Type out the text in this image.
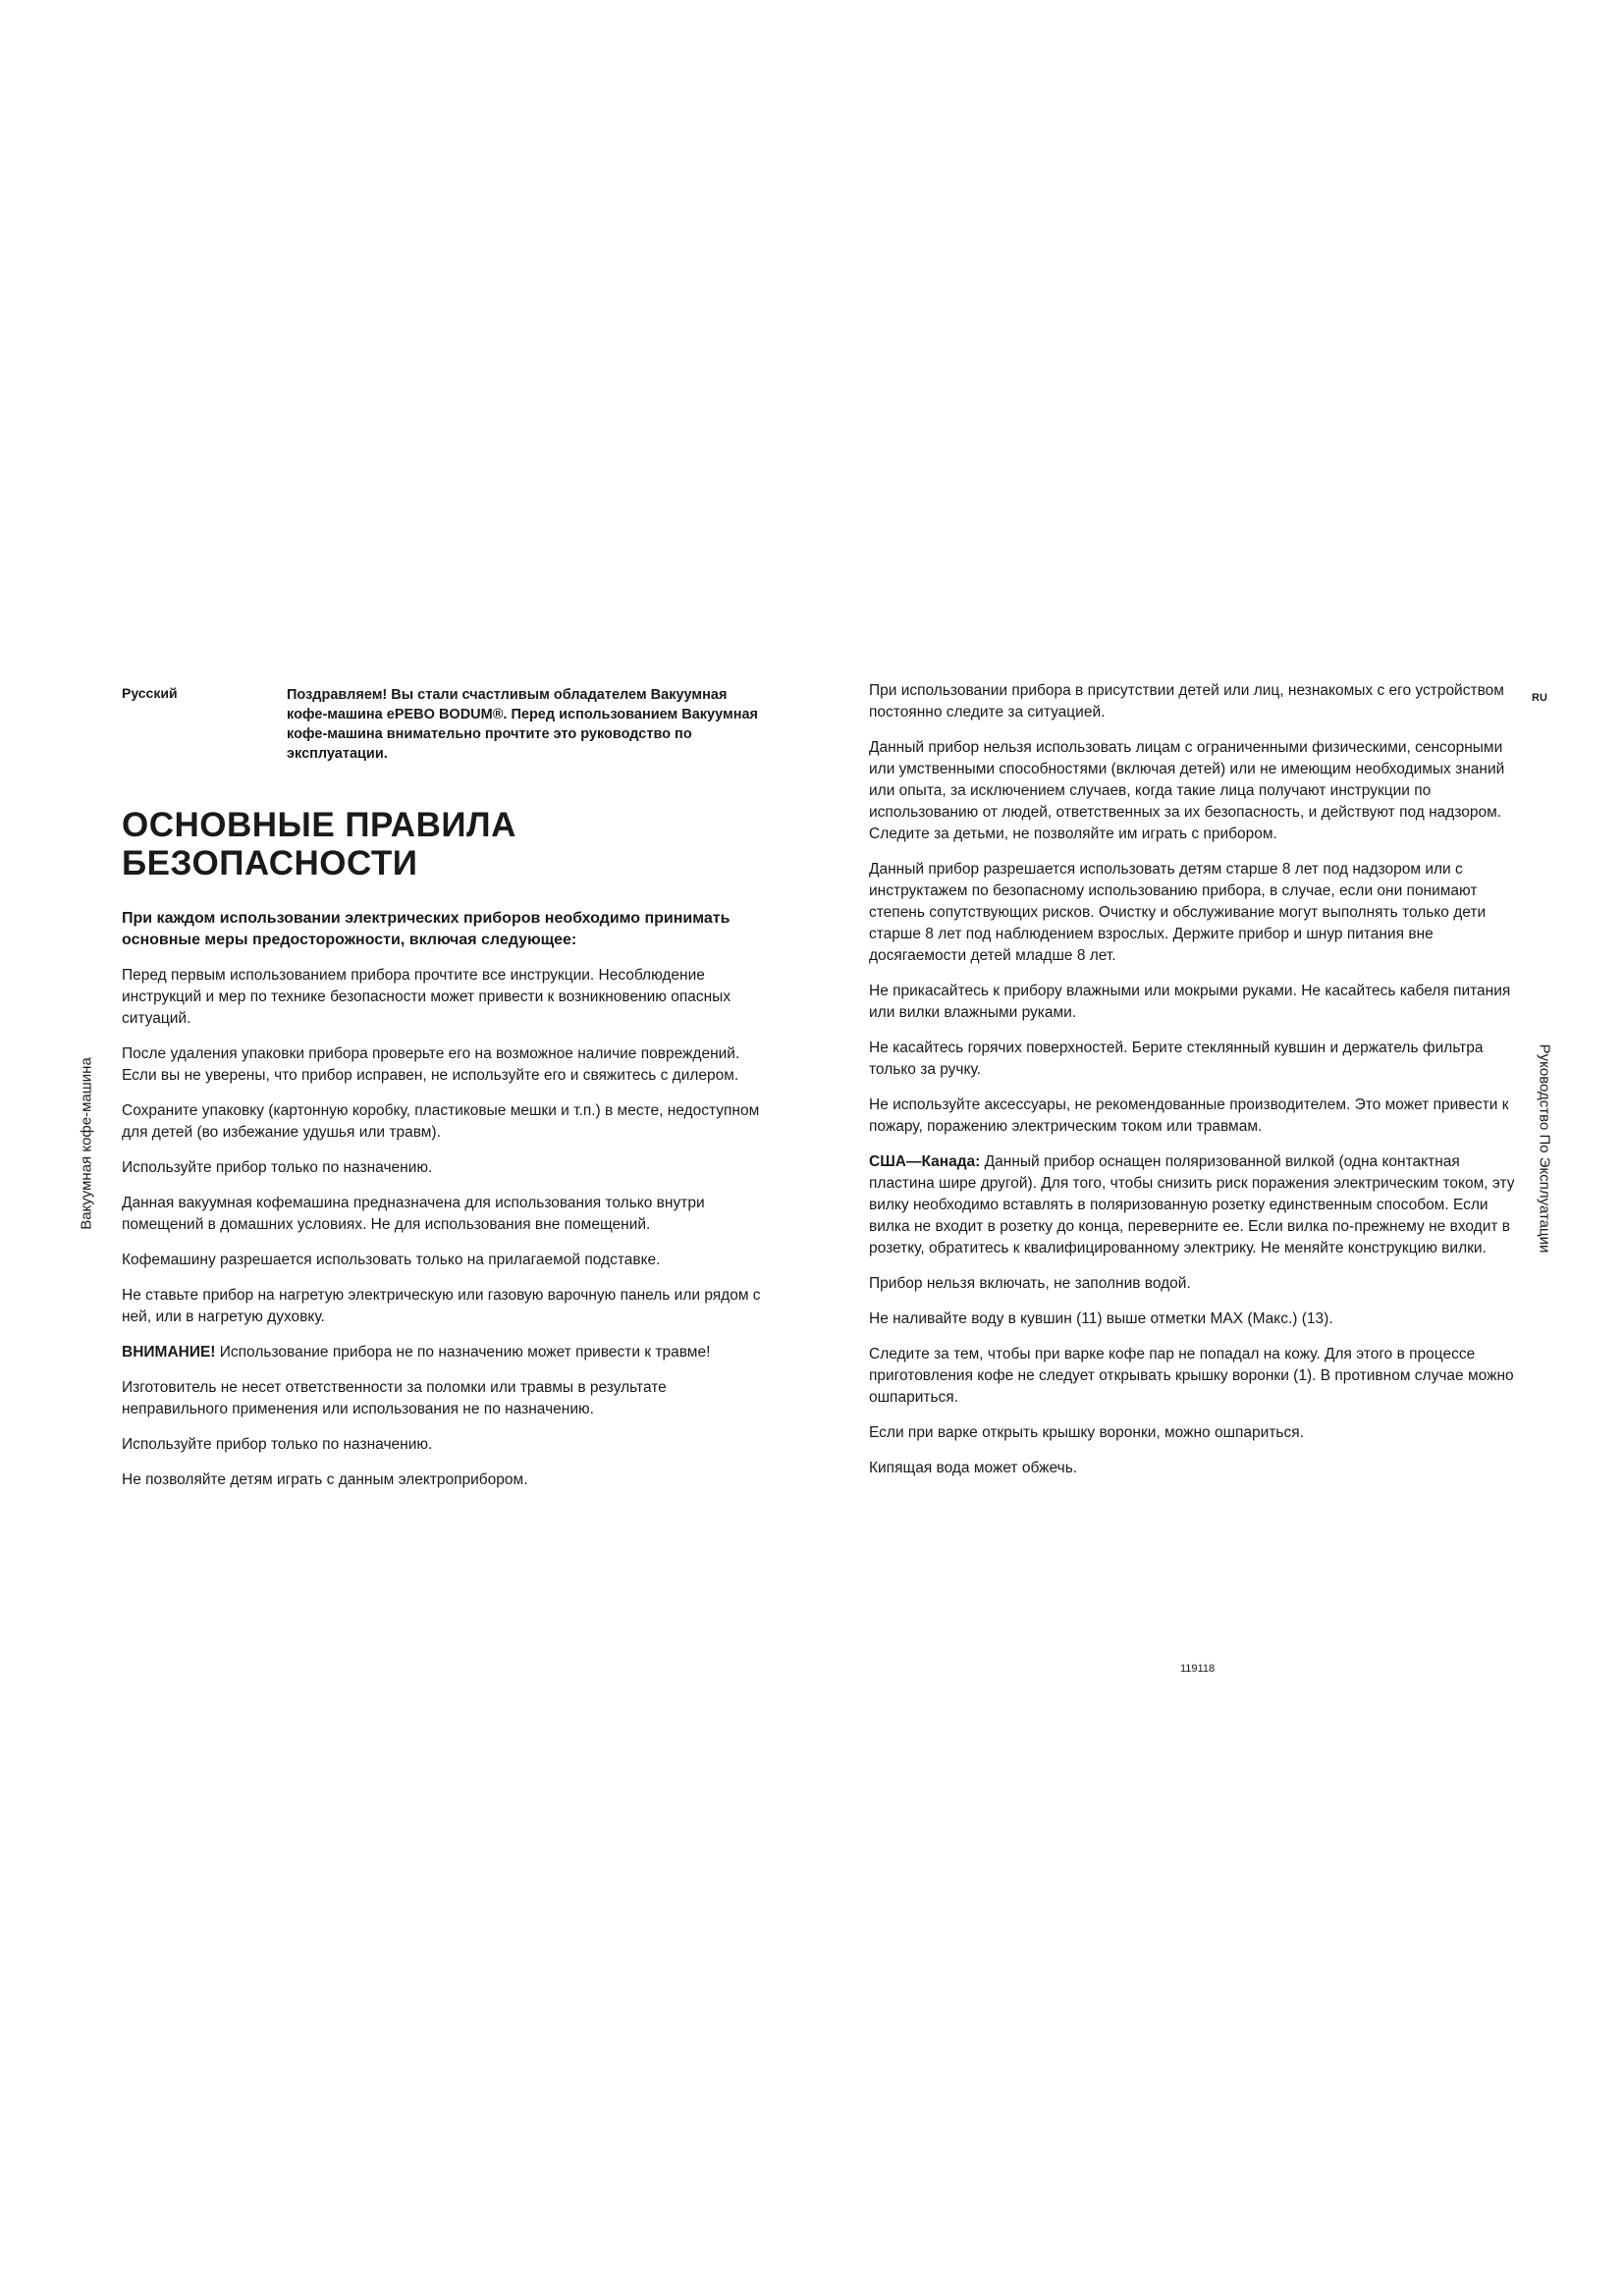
Русский	Поздравляем! Вы стали счастливым обладателем Вакуумная кофе-машина ePEBO BODUM®. Перед использованием Вакуумная кофе-машина внимательно прочтите это руководство по эксплуатации.

ОСНОВНЫЕ ПРАВИЛА БЕЗОПАСНОСТИ
Вакуумная кофе-машина	Руководство По Эксплуатации
RU

При каждом использовании электрических приборов необходимо принимать основные меры предосторожности, включая следующее:

Перед первым использованием прибора прочтите все инструкции. Несоблюдение инструкций и мер по технике безопасности может привести к возникновению опасных ситуаций.

После удаления упаковки прибора проверьте его на возможное наличие повреждений. Если вы не уверены, что прибор исправен, не используйте его и свяжитесь с дилером.

Сохраните упаковку (картонную коробку, пластиковые мешки и т.п.) в месте, недоступном для детей (во избежание удушья или травм).

Используйте прибор только по назначению.

Данная вакуумная кофемашина предназначена для использования только внутри помещений в домашних условиях. Не для использования вне помещений.

Кофемашину разрешается использовать только на прилагаемой подставке.

Не ставьте прибор на нагретую электрическую или газовую варочную панель или рядом с ней, или в нагретую духовку.

ВНИМАНИЕ! Использование прибора не по назначению может привести к травме!

Изготовитель не несет ответственности за поломки или травмы в результате неправильного применения или использования не по назначению.

Используйте прибор только по назначению.

Не позволяйте детям играть с данным электроприбором.

При использовании прибора в присутствии детей или лиц, незнакомых с его устройством постоянно следите за ситуацией.

Данный прибор нельзя использовать лицам с ограниченными физическими, сенсорными или умственными способностями (включая детей) или не имеющим необходимых знаний или опыта, за исключением случаев, когда такие лица получают инструкции по использованию от людей, ответственных за их безопасность, и действуют под надзором. Следите за детьми, не позволяйте им играть с прибором.

Данный прибор разрешается использовать детям старше 8 лет под надзором или с инструктажем по безопасному использованию прибора, в случае, если они понимают степень сопутствующих рисков. Очистку и обслуживание могут выполнять только дети старше 8 лет под наблюдением взрослых. Держите прибор и шнур питания вне досягаемости детей младше 8 лет.

Не прикасайтесь к прибору влажными или мокрыми руками. Не касайтесь кабеля питания или вилки влажными руками.

Не касайтесь горячих поверхностей. Берите стеклянный кувшин и держатель фильтра только за ручку.

Не используйте аксессуары, не рекомендованные производителем. Это может привести к пожару, поражению электрическим током или травмам.

США—Канада: Данный прибор оснащен поляризованной вилкой (одна контактная пластина шире другой). Для того, чтобы снизить риск поражения электрическим током, эту вилку необходимо вставлять в поляризованную розетку единственным способом. Если вилка не входит в розетку до конца, переверните ее. Если вилка по-прежнему не входит в розетку, обратитесь к квалифицированному электрику. Не меняйте конструкцию вилки.

Прибор нельзя включать, не заполнив водой.

Не наливайте воду в кувшин (11) выше отметки MAX (Макс.) (13).

Следите за тем, чтобы при варке кофе пар не попадал на кожу. Для этого в процессе приготовления кофе не следует открывать крышку воронки (1). В противном случае можно ошпариться.

Если при варке открыть крышку воронки, можно ошпариться.

Кипящая вода может обжечь.

119118
